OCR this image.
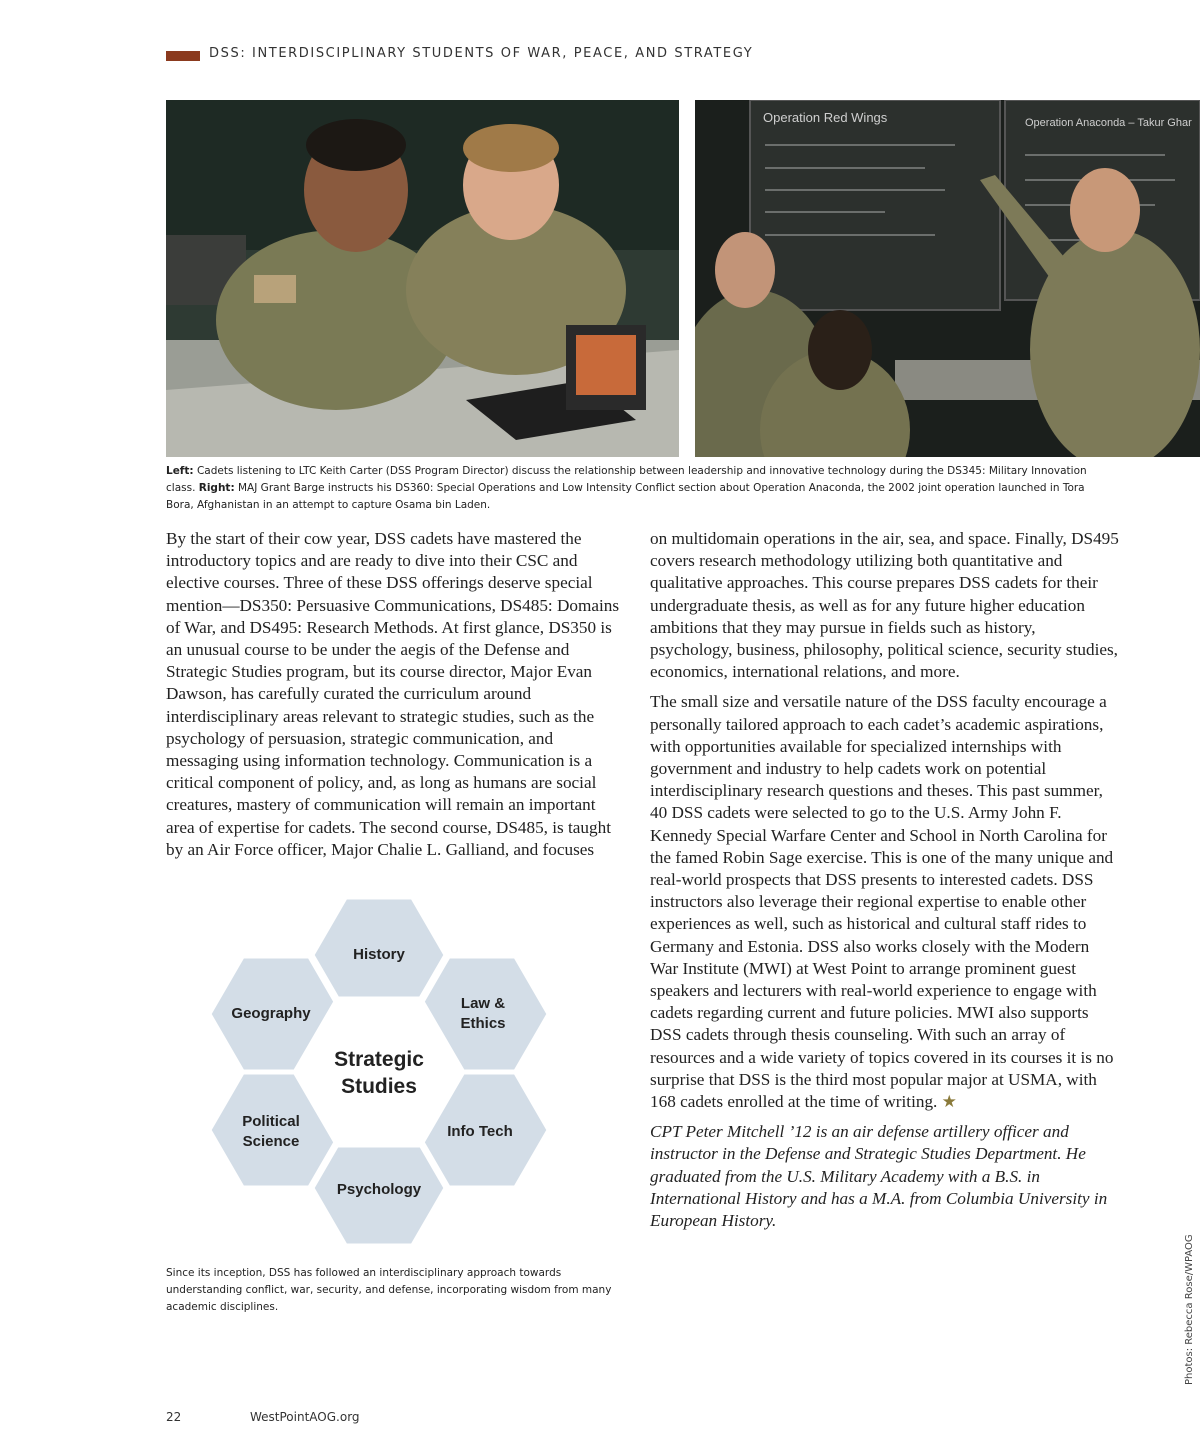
DSS: INTERDISCIPLINARY STUDENTS OF WAR, PEACE, AND STRATEGY
Operation Red Wings	Operation Anaconda – Takur Ghar
Left: Cadets listening to LTC Keith Carter (DSS Program Director) discuss the relationship between leadership and innovative technology during the DS345: Military Innovation class. Right: MAJ Grant Barge instructs his DS360: Special Operations and Low Intensity Conflict section about Operation Anaconda, the 2002 joint operation launched in Tora Bora, Afghanistan in an attempt to capture Osama bin Laden.

By the start of their cow year, DSS cadets have mastered the introductory topics and are ready to dive into their CSC and elective courses. Three of these DSS offerings deserve special mention—DS350: Persuasive Communications, DS485: Domains of War, and DS495: Research Methods. At first glance, DS350 is an unusual course to be under the aegis of the Defense and Strategic Studies program, but its course director, Major Evan Dawson, has carefully curated the curriculum around interdisciplinary areas relevant to strategic studies, such as the psychology of persuasion, strategic communication, and messaging using information technology. Communication is a critical component of policy, and, as long as humans are social creatures, mastery of communication will remain an important area of expertise for cadets. The second course, DS485, is taught by an Air Force officer, Major Chalie L. Galliand, and focuses

on multidomain operations in the air, sea, and space. Finally, DS495 covers research methodology utilizing both quantitative and qualitative approaches. This course prepares DSS cadets for their undergraduate thesis, as well as for any future higher education ambitions that they may pursue in fields such as history, psychology, business, philosophy, political science, security studies, economics, international relations, and more.

The small size and versatile nature of the DSS faculty encourage a personally tailored approach to each cadet’s academic aspirations, with opportunities available for specialized internships with government and industry to help cadets work on potential interdisciplinary research questions and theses. This past summer, 40 DSS cadets were selected to go to the U.S. Army John F. Kennedy Special Warfare Center and School in North Carolina for the famed Robin Sage exercise. This is one of the many unique and real-world prospects that DSS presents to interested cadets. DSS instructors also leverage their regional expertise to enable other experiences as well, such as historical and cultural staff rides to Germany and Estonia. DSS also works closely with the Modern War Institute (MWI) at West Point to arrange prominent guest speakers and lecturers with real-world experience to engage with cadets regarding current and future policies. MWI also supports DSS cadets through thesis counseling. With such an array of resources and a wide variety of topics covered in its courses it is no surprise that DSS is the third most popular major at USMA, with 168 cadets enrolled at the time of writing. ★

CPT Peter Mitchell ’12 is an air defense artillery officer and instructor in the Defense and Strategic Studies Department. He graduated from the U.S. Military Academy with a B.S. in International History and has a M.A. from Columbia University in European History.

History
Law &
Ethics
Info Tech
Psychology
Political
Science
Geography
Strategic
Studies
Since its inception, DSS has followed an interdisciplinary approach towards understanding conflict, war, security, and defense, incorporating wisdom from many academic disciplines.	Photos: Rebecca Rose/WPAOG
22	WestPointAOG.org
